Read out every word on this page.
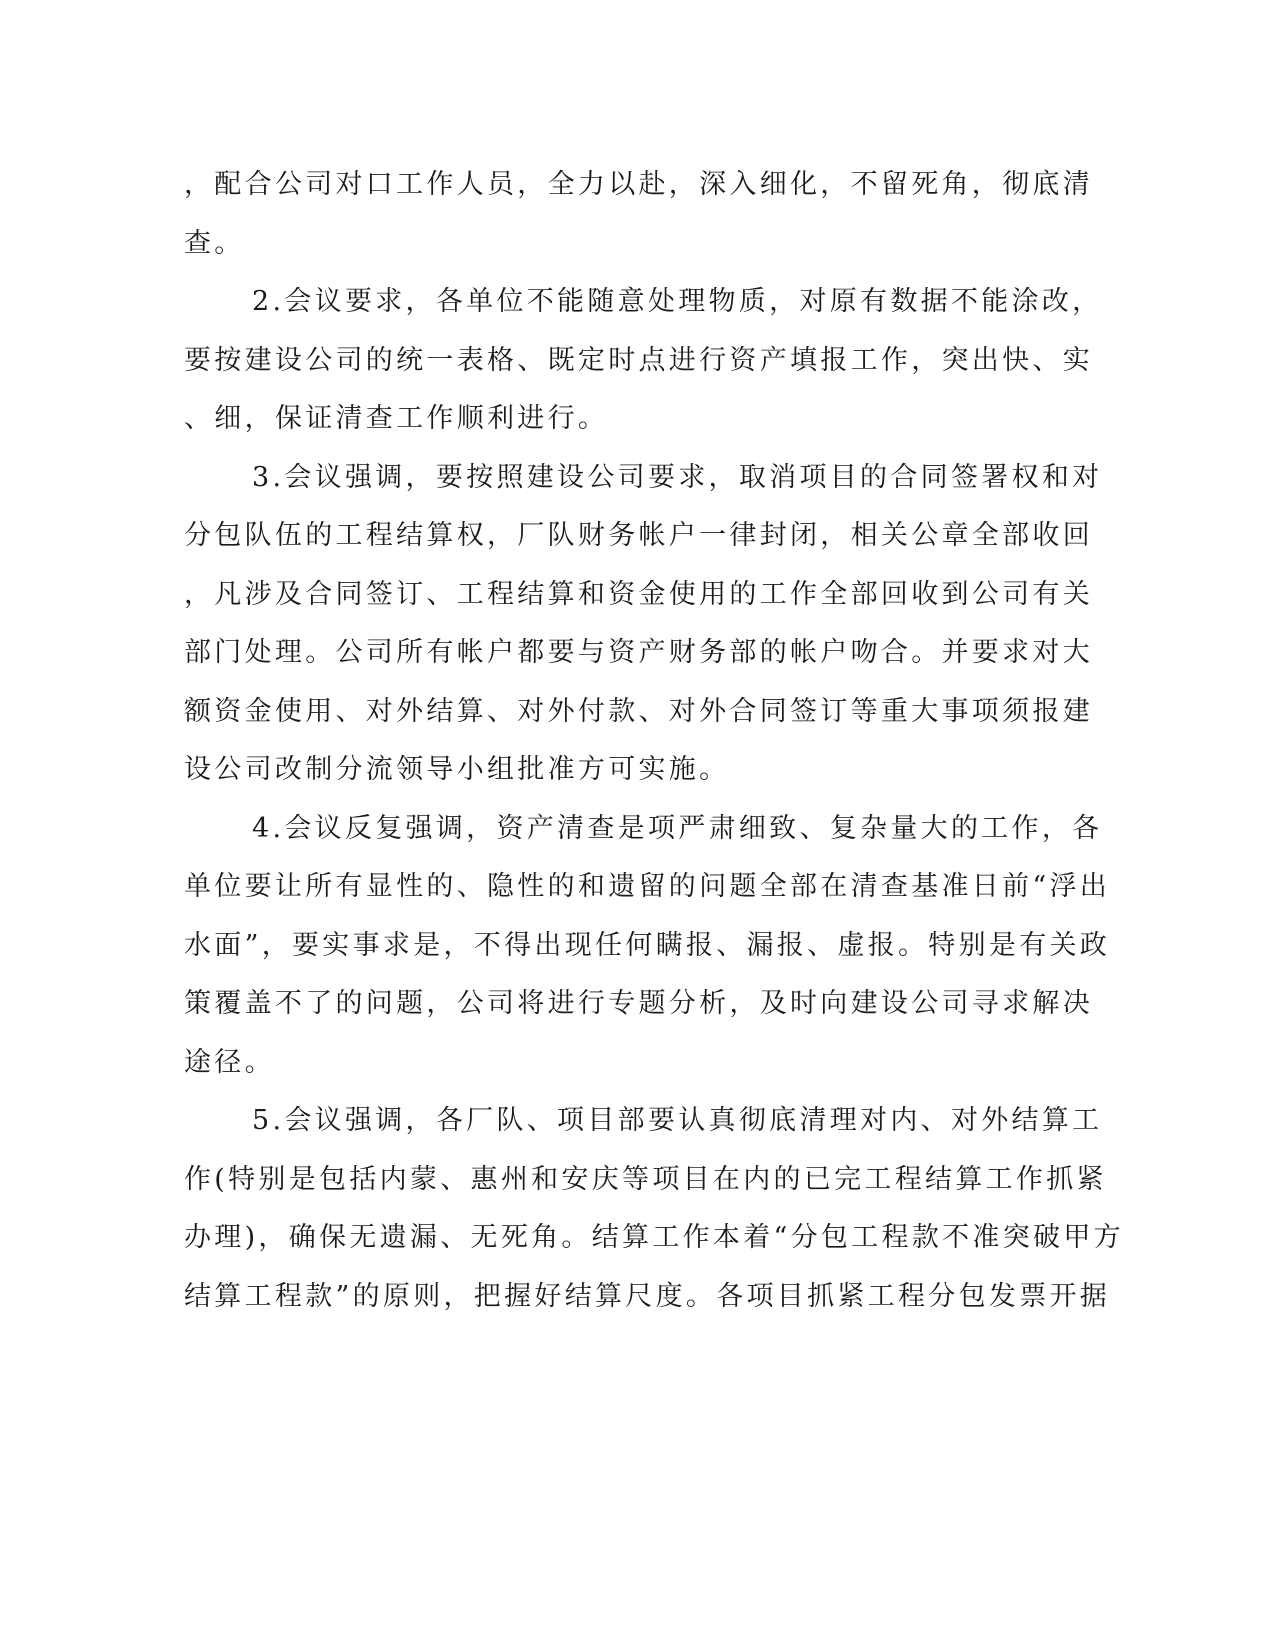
，配合公司对口工作人员，全力以赴，深入细化，不留死角，彻底清
查。

2.会议要求，各单位不能随意处理物质，对原有数据不能涂改，
要按建设公司的统一表格、既定时点进行资产填报工作，突出快、实
、细，保证清查工作顺利进行。

3.会议强调，要按照建设公司要求，取消项目的合同签署权和对
分包队伍的工程结算权，厂队财务帐户一律封闭，相关公章全部收回
，凡涉及合同签订、工程结算和资金使用的工作全部回收到公司有关
部门处理。公司所有帐户都要与资产财务部的帐户吻合。并要求对大
额资金使用、对外结算、对外付款、对外合同签订等重大事项须报建
设公司改制分流领导小组批准方可实施。

4.会议反复强调，资产清查是项严肃细致、复杂量大的工作，各
单位要让所有显性的、隐性的和遗留的问题全部在清查基准日前“浮出
水面”，要实事求是，不得出现任何瞒报、漏报、虚报。特别是有关政
策覆盖不了的问题，公司将进行专题分析，及时向建设公司寻求解决
途径。

5.会议强调，各厂队、项目部要认真彻底清理对内、对外结算工
作(特别是包括内蒙、惠州和安庆等项目在内的已完工程结算工作抓紧
办理)，确保无遗漏、无死角。结算工作本着“分包工程款不准突破甲方
结算工程款”的原则，把握好结算尺度。各项目抓紧工程分包发票开据
